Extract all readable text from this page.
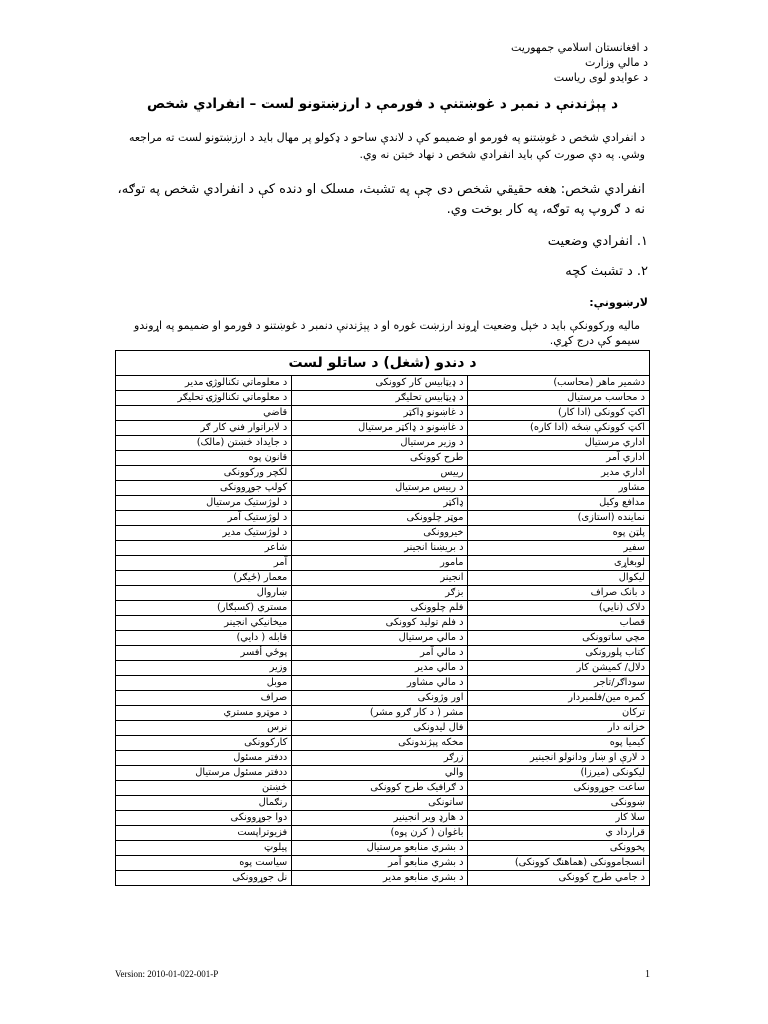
د افغانستان اسلامي جمهوريت
د مالي وزارت
د عوايدو لوی رياست
د پېژندنې د نمبر د غوښتنې د فورمې د ارزښتونو لست – انفرادي شخص
د انفرادي شخص د غوښتنو په فورمو او ضميمو کې د لاندې ساحو د ډکولو پر مهال بايد د ارزښتونو لست ته مراجعه وشي. په دې صورت کې بايد انفرادي شخص د نهاد خبتن نه وي.
انفرادي شخص: هغه حقيقي شخص دی چې په تشبث، مسلک او دنده کې د انفرادي شخص په توګه، نه د ګروپ په توګه، په کار بوخت وي.
۱. انفرادي وضعيت
۲. د تشبث کچه
لارښوونې:
ماليه ورکوونکې بايد د خپل وضعيت اړوند ارزښت غوره او د پېژندنې دنمبر د غوښتنو د فورمو او ضميمو په اړوندو سيمو کې درج کړي.
د دندو (شغل) د ساتلو لست		
دشمير ماهر (محاسب)	د ډيټابيس کار کوونکی	د معلوماتي تکنالوژۍ مدير
د محاسب مرستيال	د ډيټابيس تحليګر	د معلوماتي تکنالوژۍ تحليګر
اکټ کوونکی (ادا کار)	د غاښونو ډاکټر	قاضي
اکټ کوونکې ښځه (ادا کاره)	د غاښونو د ډاکټر مرستيال	د لابراتوار فني کار ګر
اداري مرستيال	د وزير مرستيال	د جايداد څښتن (مالک)
اداري آمر	طرح کوونکی	قانون پوه
اداري مدير	رييس	لکچر ورکوونکی
مشاور	د رييس مرستيال	کولپ جوړوونکی
مدافع وکيل	ډاکټر	د لوژستيک مرستيال
نماينده (استازی)	موټر چلوونکی	د لوژستيک آمر
پلټن پوه	خيروونکی	د لوژستيک مدير
سفير	د بريښنا انجينر	شاعر
لوبغاړی	مامور	آمر
ليکوال	انجينر	معمار (ځيګر)
د بانک صراف	بزګر	ښاروال
دلاک (نايي)	فلم چلوونکی	مستري (کسبګار)
قصاب	د فلم توليد کوونکی	ميخانيکي انجينر
مچي ساتوونکی	د مالي مرستيال	قابله ( دايي)
کتاب پلورونکی	د مالي آمر	پوځي أفسر
دلال/ کميشن کار	د مالي مدير	وزير
سوداګر/تاجر	د مالي مشاور	موبل
کمره مين/فلمبردار	اور وژونکی	صراف
ترکان	مشر ( د کار ګرو مشر)	د موټرو مستري
خزانه دار	فال ليدونکی	نرس
کيميا پوه	مخکه پېژندونکی	کارکوونکی
د لارې او ښار ودانولو انجينير	زرګر	ددفتر مسئول
ليکونکی (ميرزا)	والي	ددفتر مسئول مرستيال
ساعت جوړوونکی	د ګرافيک طرح کوونکی	څښتن
ښوونکی	ساتونکی	رنګمال
سلا کار	د هارډ وير انجينير	دوا جوړوونکی
قرارداد ي	باغوان ( کرن پوه)	فزيوتراپست
پخوونکی	د بشري منابعو مرستيال	پيلوټ
انسجاموونکی (هماهنګ کوونکی)	د بشري منابعو آمر	سياست پوه
د جامي طرح کوونکی	د بشري منابعو مدير	نل جوړوونکی
Version: 2010-01-022-001-P	1
